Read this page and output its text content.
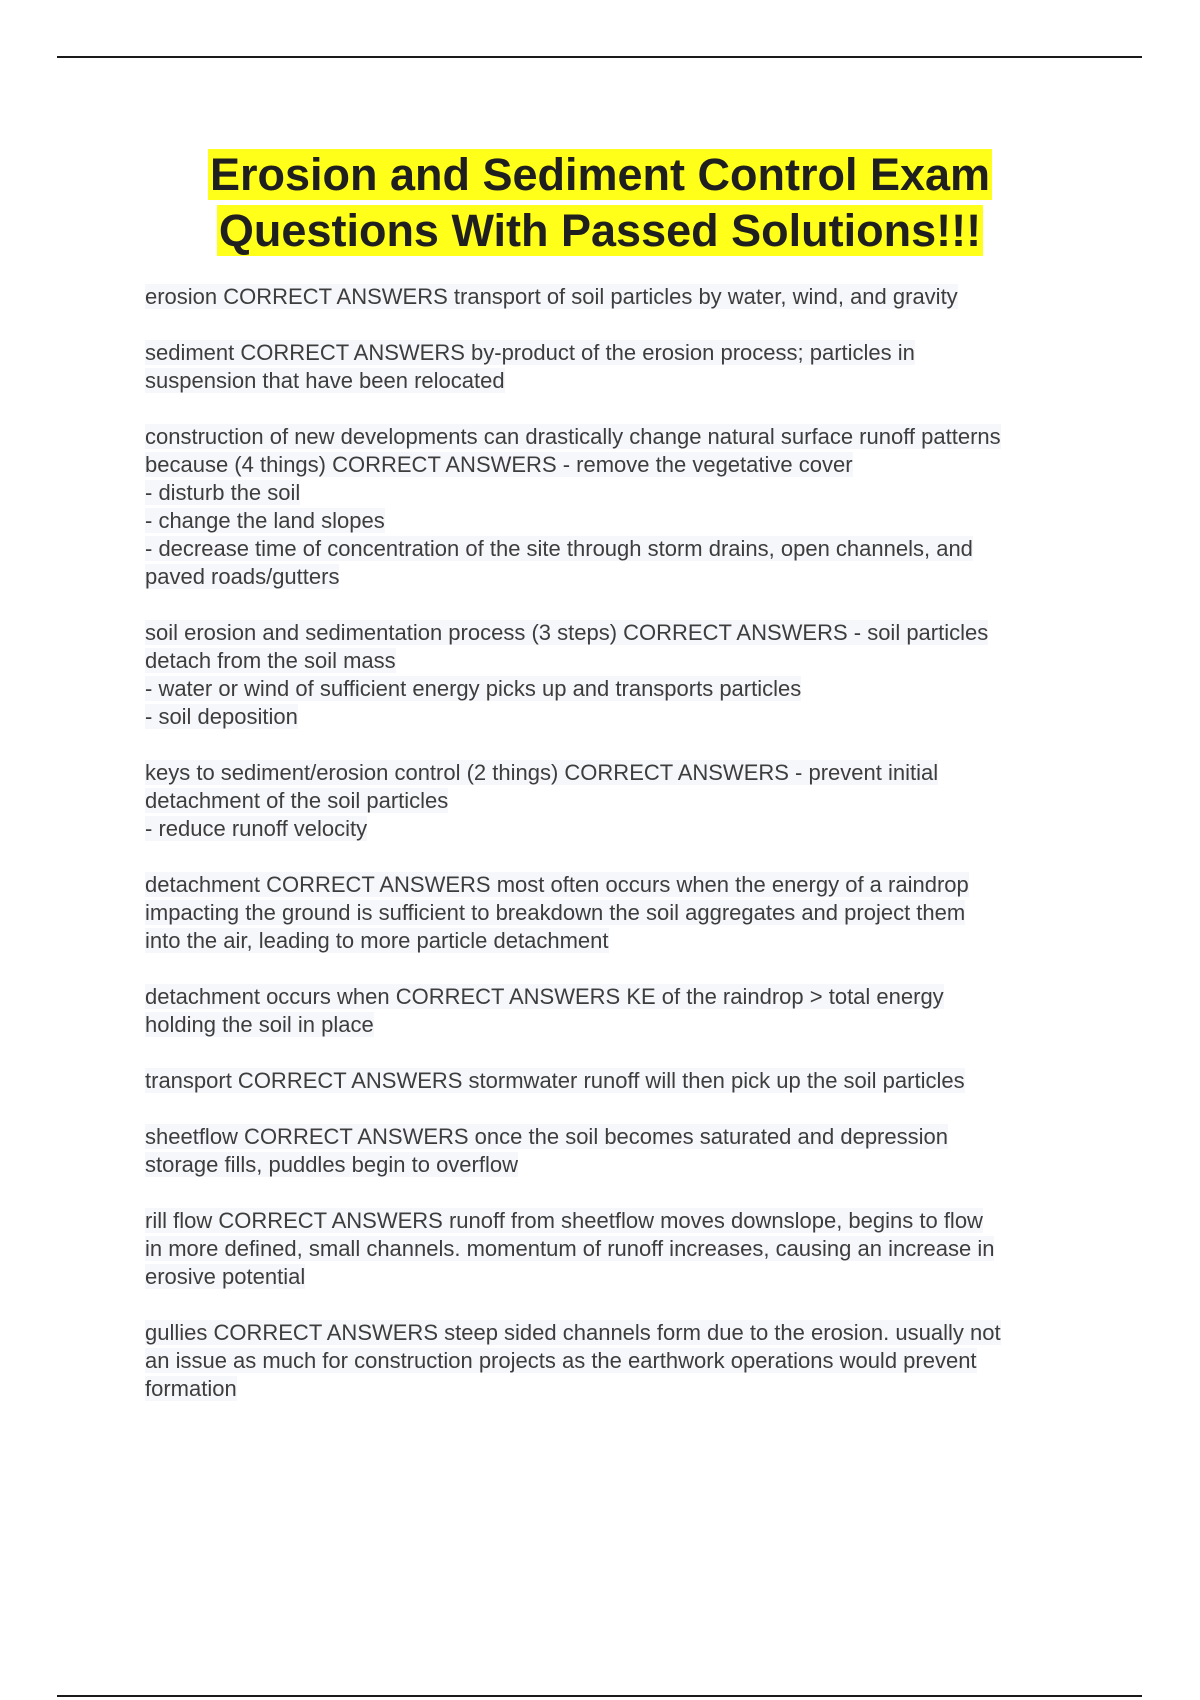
Erosion and Sediment Control Exam
Questions With Passed Solutions!!!

erosion CORRECT ANSWERS transport of soil particles by water, wind, and gravity

sediment CORRECT ANSWERS by-product of the erosion process; particles in
suspension that have been relocated

construction of new developments can drastically change natural surface runoff patterns
because (4 things) CORRECT ANSWERS - remove the vegetative cover
- disturb the soil
- change the land slopes
- decrease time of concentration of the site through storm drains, open channels, and
paved roads/gutters

soil erosion and sedimentation process (3 steps) CORRECT ANSWERS - soil particles
detach from the soil mass
- water or wind of sufficient energy picks up and transports particles
- soil deposition

keys to sediment/erosion control (2 things) CORRECT ANSWERS - prevent initial
detachment of the soil particles
- reduce runoff velocity

detachment CORRECT ANSWERS most often occurs when the energy of a raindrop
impacting the ground is sufficient to breakdown the soil aggregates and project them
into the air, leading to more particle detachment

detachment occurs when CORRECT ANSWERS KE of the raindrop > total energy
holding the soil in place

transport CORRECT ANSWERS stormwater runoff will then pick up the soil particles

sheetflow CORRECT ANSWERS once the soil becomes saturated and depression
storage fills, puddles begin to overflow

rill flow CORRECT ANSWERS runoff from sheetflow moves downslope, begins to flow
in more defined, small channels. momentum of runoff increases, causing an increase in
erosive potential

gullies CORRECT ANSWERS steep sided channels form due to the erosion. usually not
an issue as much for construction projects as the earthwork operations would prevent
formation
